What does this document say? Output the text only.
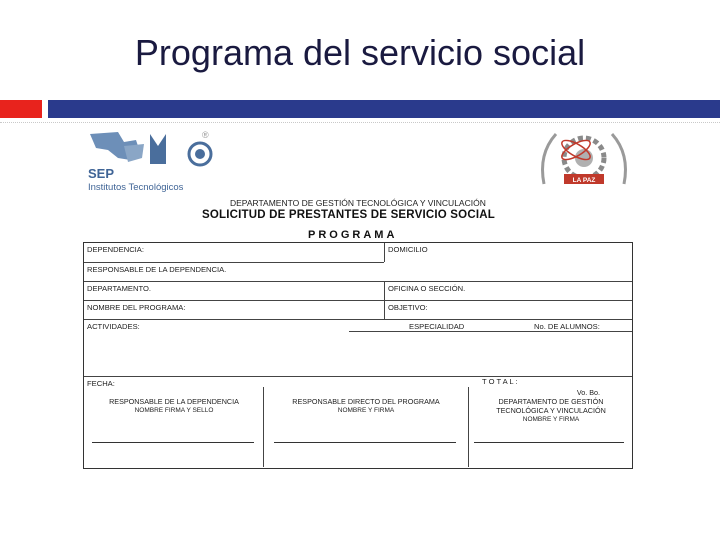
Programa del servicio social
SEP
Institutos Tecnológicos
®
LA PAZ
DEPARTAMENTO DE GESTIÓN TECNOLÓGICA Y VINCULACIÓN
SOLICITUD DE PRESTANTES DE SERVICIO SOCIAL
PROGRAMA
DEPENDENCIA:	DOMICILIO
RESPONSABLE DE LA DEPENDENCIA.
DEPARTAMENTO.	OFICINA O SECCIÓN.
NOMBRE DEL PROGRAMA:	OBJETIVO:
ACTIVIDADES:	ESPECIALIDAD	No. DE ALUMNOS:
FECHA:	T O T A L :
RESPONSABLE DE LA DEPENDENCIA
NOMBRE FIRMA Y SELLO
RESPONSABLE DIRECTO DEL PROGRAMA
NOMBRE Y FIRMA
Vo. Bo.
DEPARTAMENTO DE GESTIÓN TECNOLÓGICA Y VINCULACIÓN
NOMBRE Y FIRMA
